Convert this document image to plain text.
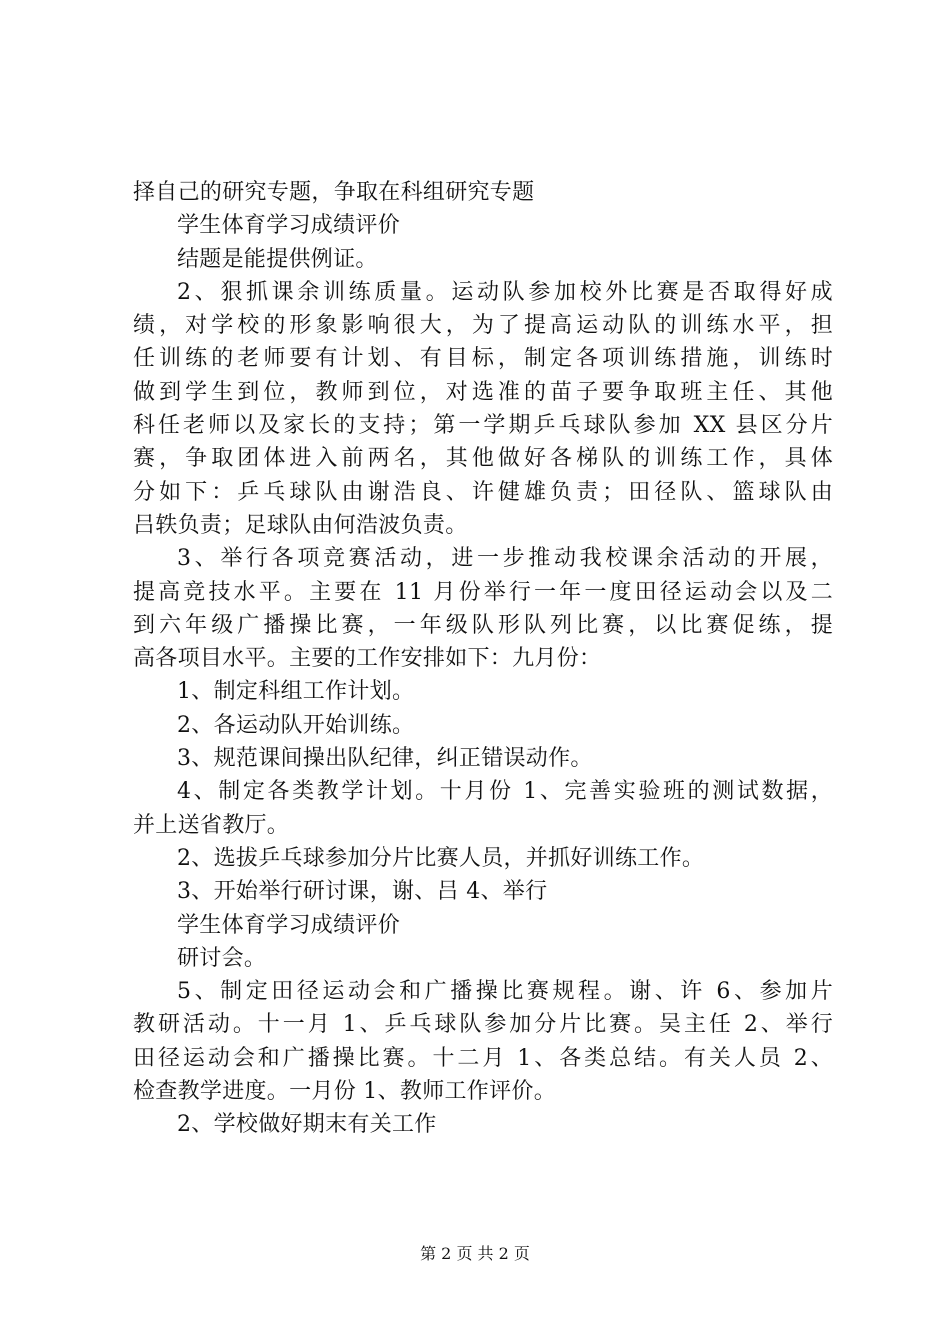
择自己的研究专题，争取在科组研究专题
学生体育学习成绩评价
结题是能提供例证。
2、狠抓课余训练质量。运动队参加校外比赛是否取得好成
绩，对学校的形象影响很大，为了提高运动队的训练水平，担
任训练的老师要有计划、有目标，制定各项训练措施，训练时
做到学生到位，教师到位，对选准的苗子要争取班主任、其他
科任老师以及家长的支持；第一学期乒乓球队参加 XX 县区分片
赛，争取团体进入前两名，其他做好各梯队的训练工作，具体
分如下：乒乓球队由谢浩良、许健雄负责；田径队、篮球队由
吕轶负责；足球队由何浩波负责。
3、举行各项竞赛活动，进一步推动我校课余活动的开展，
提高竞技水平。主要在 11 月份举行一年一度田径运动会以及二
到六年级广播操比赛，一年级队形队列比赛，以比赛促练，提
高各项目水平。主要的工作安排如下：九月份：
1、制定科组工作计划。
2、各运动队开始训练。
3、规范课间操出队纪律，纠正错误动作。
4、制定各类教学计划。十月份 1、完善实验班的测试数据，
并上送省教厅。
2、选拔乒乓球参加分片比赛人员，并抓好训练工作。
3、开始举行研讨课，谢、吕 4、举行
学生体育学习成绩评价
研讨会。
5、制定田径运动会和广播操比赛规程。谢、许 6、参加片
教研活动。十一月 1、乒乓球队参加分片比赛。吴主任 2、举行
田径运动会和广播操比赛。十二月 1、各类总结。有关人员 2、
检查教学进度。一月份 1、教师工作评价。
2、学校做好期末有关工作
第 2 页 共 2 页
